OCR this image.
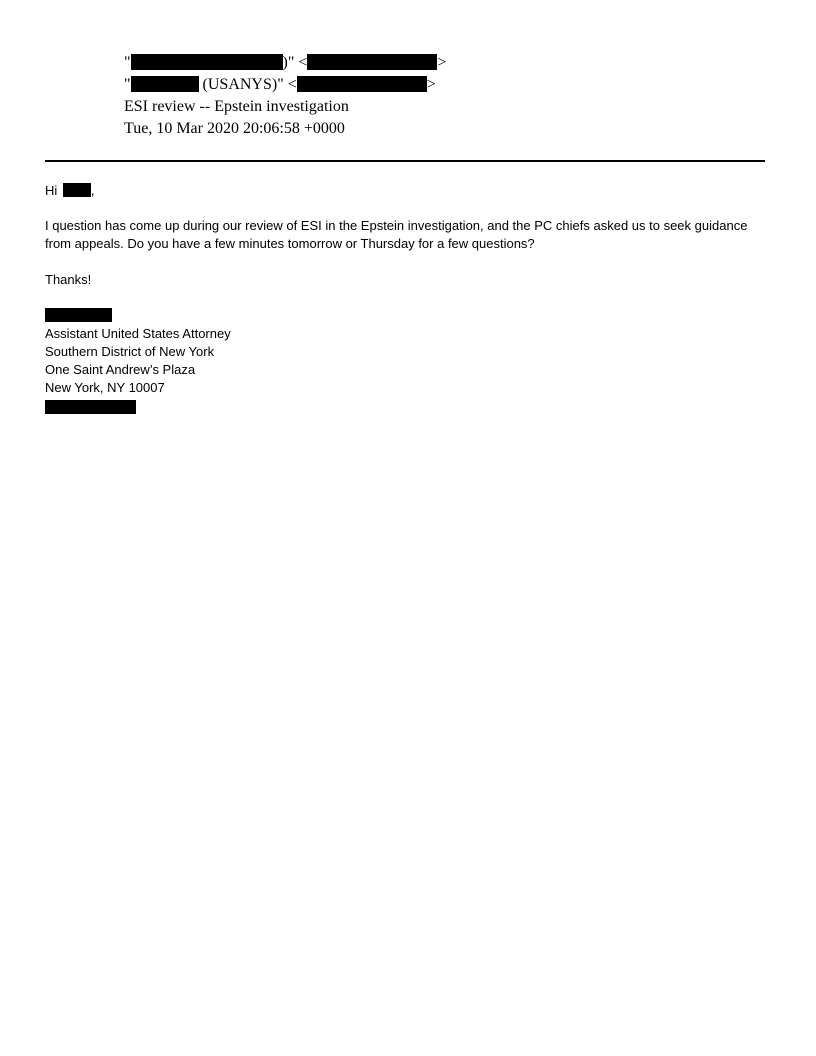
"	)" <	>
"	(USANYS)" <	>
ESI review -- Epstein investigation
Tue, 10 Mar 2020 20:06:58 +0000
Hi	,
I question has come up during our review of ESI in the Epstein investigation, and the PC chiefs asked us to seek guidance from appeals. Do you have a few minutes tomorrow or Thursday for a few questions?
Thanks!
Assistant United States Attorney
Southern District of New York
One Saint Andrew’s Plaza
New York, NY 10007
